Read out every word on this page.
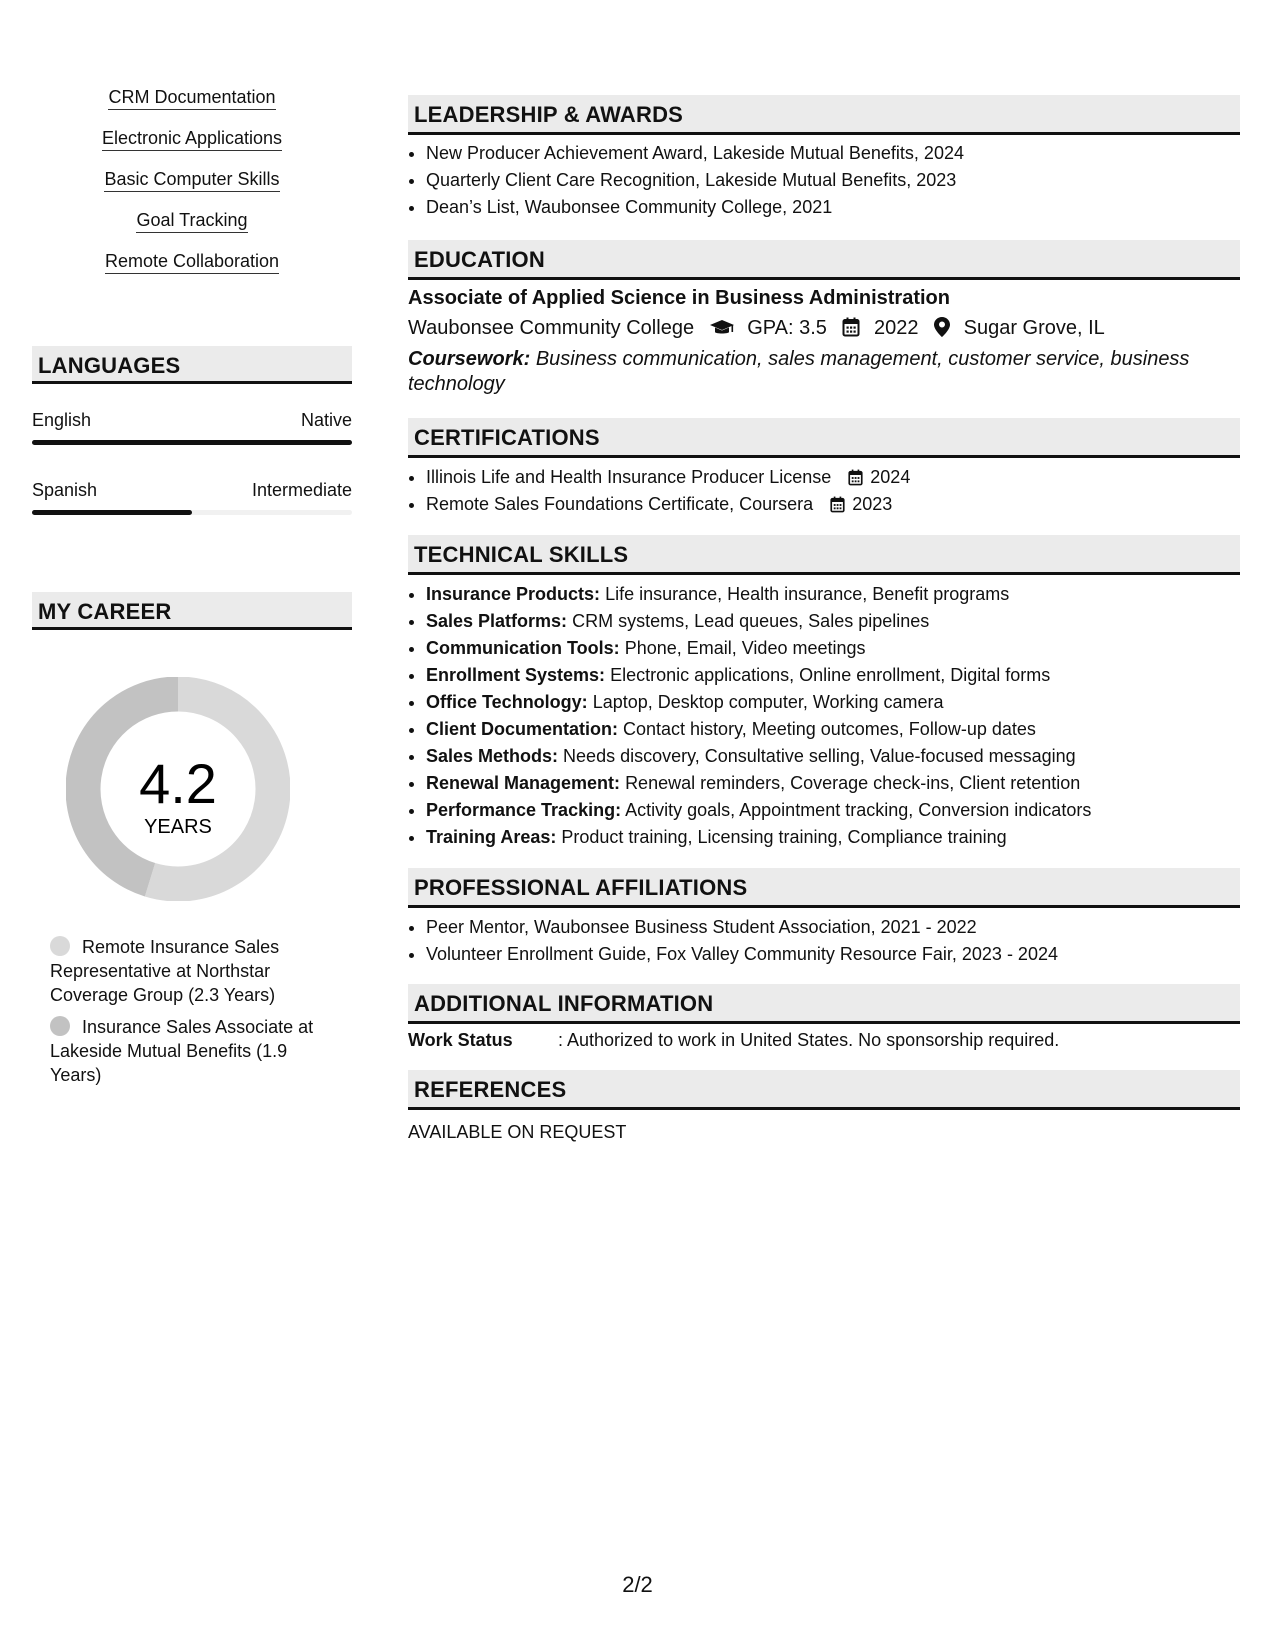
CRM Documentation
Electronic Applications
Basic Computer Skills
Goal Tracking
Remote Collaboration
LANGUAGES
English	Native
Spanish	Intermediate
MY CAREER
4.2
YEARS
Remote Insurance Sales Representative at Northstar Coverage Group (2.3 Years)
Insurance Sales Associate at Lakeside Mutual Benefits (1.9 Years)
LEADERSHIP & AWARDS
• New Producer Achievement Award, Lakeside Mutual Benefits, 2024
• Quarterly Client Care Recognition, Lakeside Mutual Benefits, 2023
• Dean’s List, Waubonsee Community College, 2021
EDUCATION
Associate of Applied Science in Business Administration
Waubonsee Community College	GPA: 3.5 2022 Sugar Grove, IL
Coursework: Business communication, sales management, customer service, business technology
CERTIFICATIONS
• Illinois Life and Health Insurance Producer License 2024
• Remote Sales Foundations Certificate, Coursera 2023
TECHNICAL SKILLS
• Insurance Products: Life insurance, Health insurance, Benefit programs
• Sales Platforms: CRM systems, Lead queues, Sales pipelines
• Communication Tools: Phone, Email, Video meetings
• Enrollment Systems: Electronic applications, Online enrollment, Digital forms
• Office Technology: Laptop, Desktop computer, Working camera
• Client Documentation: Contact history, Meeting outcomes, Follow-up dates
• Sales Methods: Needs discovery, Consultative selling, Value-focused messaging
• Renewal Management: Renewal reminders, Coverage check-ins, Client retention
• Performance Tracking: Activity goals, Appointment tracking, Conversion indicators
• Training Areas: Product training, Licensing training, Compliance training
PROFESSIONAL AFFILIATIONS
• Peer Mentor, Waubonsee Business Student Association, 2021 - 2022
• Volunteer Enrollment Guide, Fox Valley Community Resource Fair, 2023 - 2024
ADDITIONAL INFORMATION
Work Status	: Authorized to work in United States. No sponsorship required.
REFERENCES
AVAILABLE ON REQUEST
2/2
